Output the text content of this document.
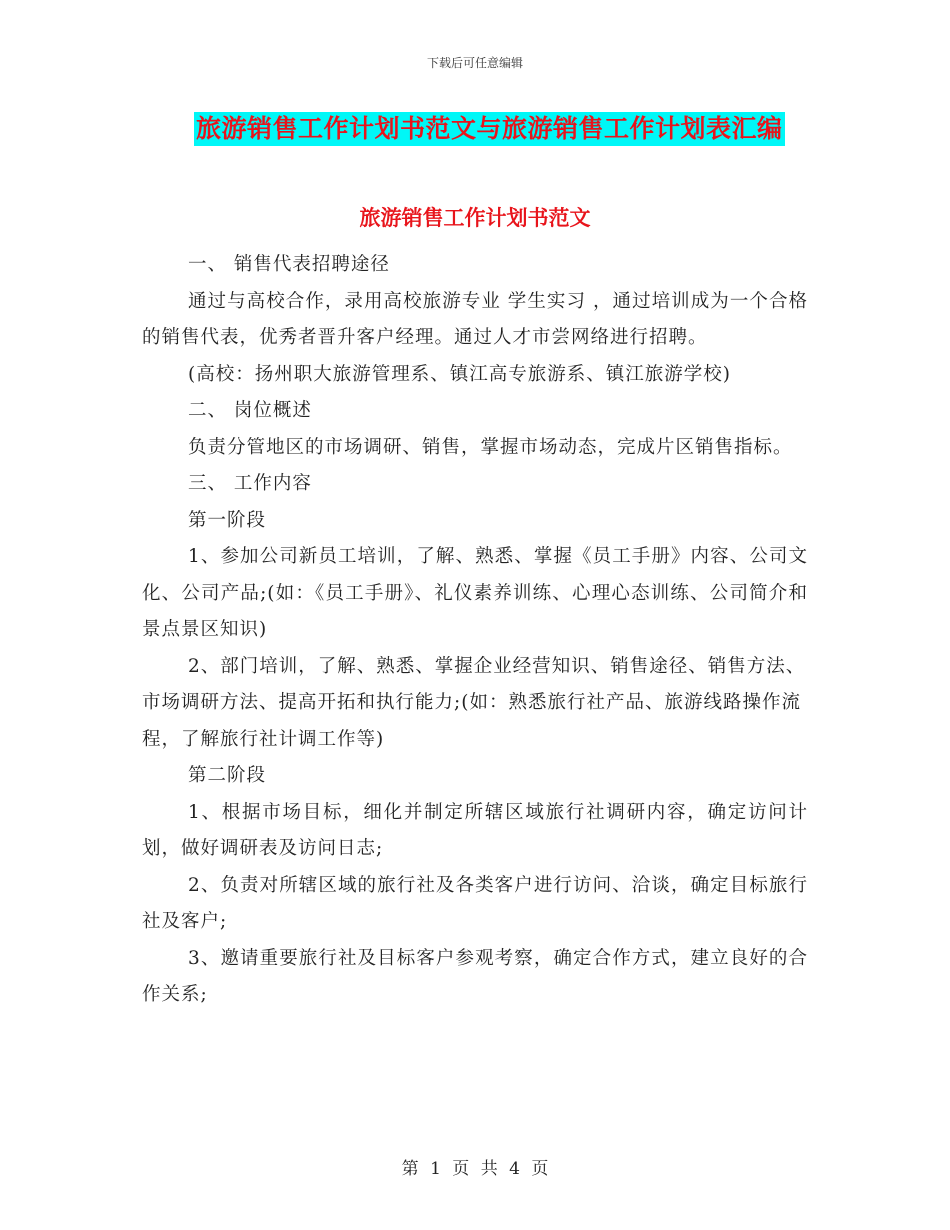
下载后可任意编辑
旅游销售工作计划书范文与旅游销售工作计划表汇编
旅游销售工作计划书范文

一、 销售代表招聘途径

通过与高校合作，录用高校旅游专业 学生实习 ，通过培训成为一个合格的销售代表，优秀者晋升客户经理。通过人才市尝网络进行招聘。

(高校：扬州职大旅游管理系、镇江高专旅游系、镇江旅游学校)

二、 岗位概述

负责分管地区的市场调研、销售，掌握市场动态，完成片区销售指标。

三、 工作内容

第一阶段

1、参加公司新员工培训，了解、熟悉、掌握《员工手册》内容、公司文化、公司产品;(如：《员工手册》、礼仪素养训练、心理心态训练、公司简介和景点景区知识)

2、部门培训，了解、熟悉、掌握企业经营知识、销售途径、销售方法、市场调研方法、提高开拓和执行能力;(如：熟悉旅行社产品、旅游线路操作流程，了解旅行社计调工作等)

第二阶段

1、根据市场目标，细化并制定所辖区域旅行社调研内容，确定访问计划，做好调研表及访问日志;

2、负责对所辖区域的旅行社及各类客户进行访问、洽谈，确定目标旅行社及客户;

3、邀请重要旅行社及目标客户参观考察，确定合作方式，建立良好的合作关系;

第 1 页 共 4 页
